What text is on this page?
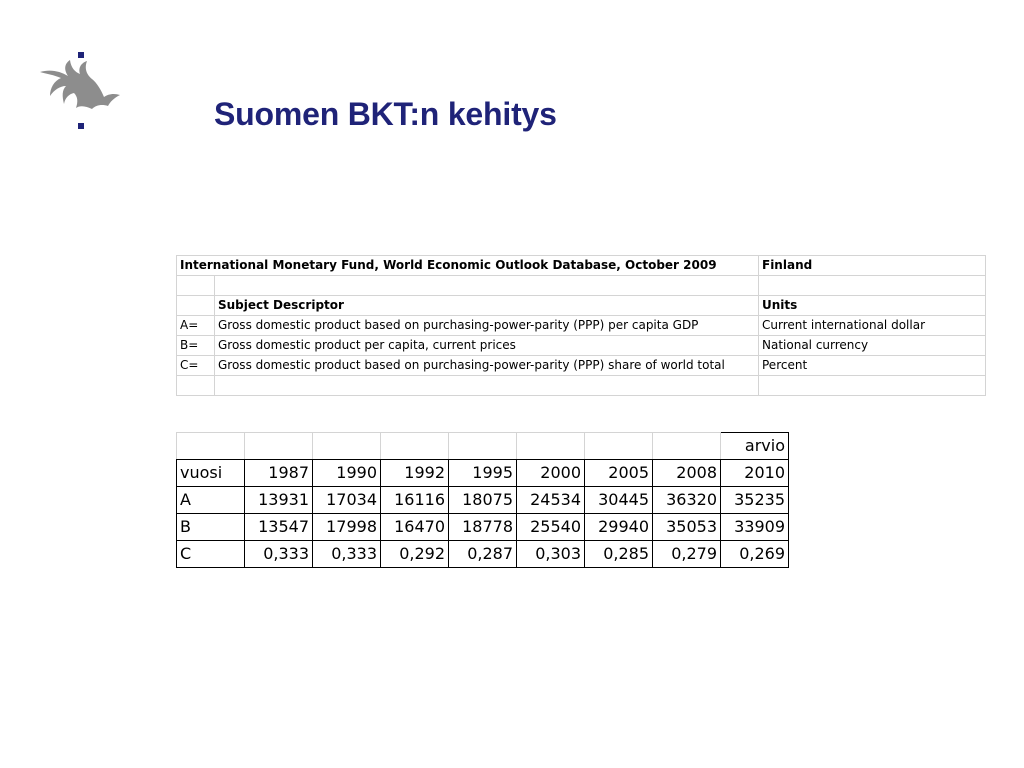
Suomen BKT:n kehitys
International Monetary Fund, World Economic Outlook Database, October 2009		Finland

	Subject Descriptor	Units
A=	Gross domestic product based on purchasing-power-parity (PPP) per capita GDP	Current international dollar
B=	Gross domestic product per capita, current prices	National currency
C=	Gross domestic product based on purchasing-power-parity (PPP) share of world total	Percent

								arvio
vuosi	1987	1990	1992	1995	2000	2005	2008	2010
A	13931	17034	16116	18075	24534	30445	36320	35235
B	13547	17998	16470	18778	25540	29940	35053	33909
C	0,333	0,333	0,292	0,287	0,303	0,285	0,279	0,269
